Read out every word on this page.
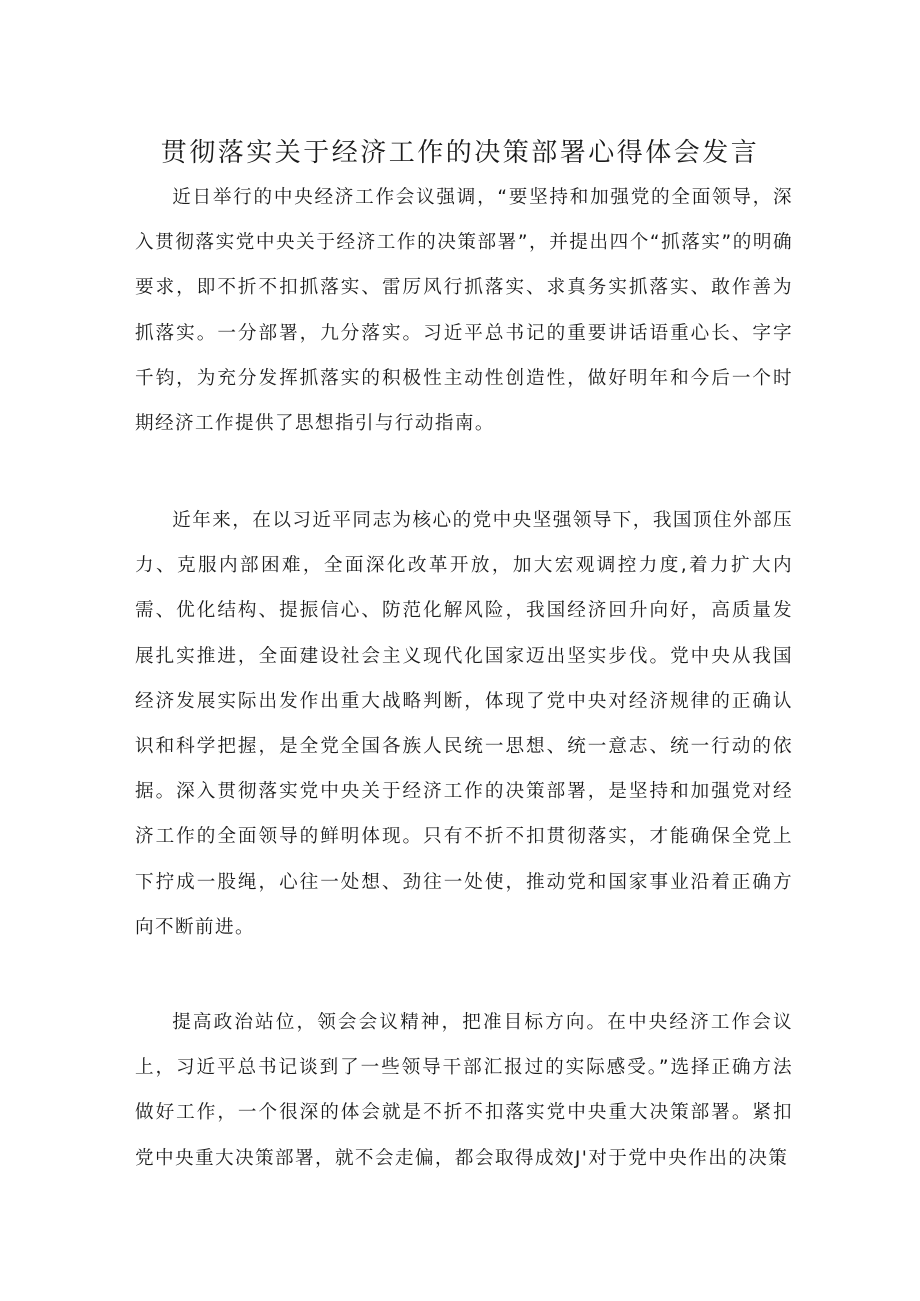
贯彻落实关于经济工作的决策部署心得体会发言

近日举行的中央经济工作会议强调，“要坚持和加强党的全面领导，深入贯彻落实党中央关于经济工作的决策部署”，并提出四个“抓落实”的明确要求，即不折不扣抓落实、雷厉风行抓落实、求真务实抓落实、敢作善为抓落实。一分部署，九分落实。习近平总书记的重要讲话语重心长、字字千钧，为充分发挥抓落实的积极性主动性创造性，做好明年和今后一个时期经济工作提供了思想指引与行动指南。

近年来，在以习近平同志为核心的党中央坚强领导下，我国顶住外部压力、克服内部困难，全面深化改革开放，加大宏观调控力度,着力扩大内需、优化结构、提振信心、防范化解风险，我国经济回升向好，高质量发展扎实推进，全面建设社会主义现代化国家迈出坚实步伐。党中央从我国经济发展实际出发作出重大战略判断，体现了党中央对经济规律的正确认识和科学把握，是全党全国各族人民统一思想、统一意志、统一行动的依据。深入贯彻落实党中央关于经济工作的决策部署，是坚持和加强党对经济工作的全面领导的鲜明体现。只有不折不扣贯彻落实，才能确保全党上下拧成一股绳，心往一处想、劲往一处使，推动党和国家事业沿着正确方向不断前进。

提高政治站位，领会会议精神，把准目标方向。在中央经济工作会议上，习近平总书记谈到了一些领导干部汇报过的实际感受。”选择正确方法做好工作，一个很深的体会就是不折不扣落实党中央重大决策部署。紧扣党中央重大决策部署，就不会走偏，都会取得成效J'对于党中央作出的决策
